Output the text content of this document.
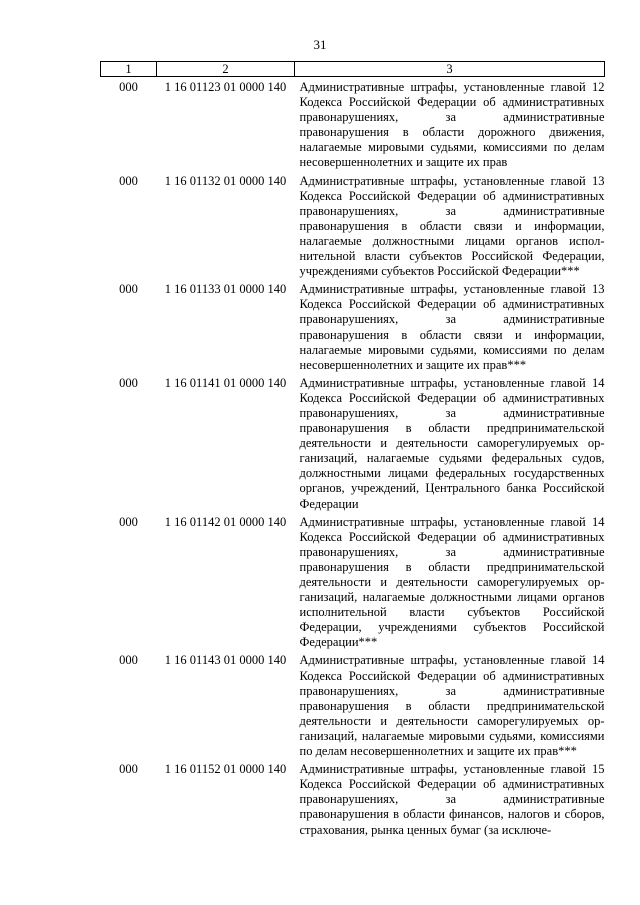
31
1	2	3
000	1 16 01123 01 0000 140	Административные штрафы, установленные главой 12 Кодекса Российской Федерации об административных правонарушениях, за административные правонарушения в области дорожного движения, налагаемые мировыми судьями, комиссиями по делам несовершеннолетних и защите их прав
000	1 16 01132 01 0000 140	Административные штрафы, установленные главой 13 Кодекса Российской Федерации об административных правонарушениях, за административные правонарушения в области связи и информации, налагаемые должностными лицами органов исполнительной власти субъектов Российской Федерации, учреждениями субъектов Российской Федерации***
000	1 16 01133 01 0000 140	Административные штрафы, установленные главой 13 Кодекса Российской Федерации об административных правонарушениях, за административные правонарушения в области связи и информации, налагаемые мировыми судьями, комиссиями по делам несовершеннолетних и защите их прав***
000	1 16 01141 01 0000 140	Административные штрафы, установленные главой 14 Кодекса Российской Федерации об административных правонарушениях, за административные правонарушения в области предпринимательской деятельности и деятельности саморегулируемых организаций, налагаемые судьями федеральных судов, должностными лицами федеральных государственных органов, учреждений, Центрального банка Российской Федерации
000	1 16 01142 01 0000 140	Административные штрафы, установленные главой 14 Кодекса Российской Федерации об административных правонарушениях, за административные правонарушения в области предпринимательской деятельности и деятельности саморегулируемых организаций, налагаемые должностными лицами органов исполнительной власти субъектов Российской Федерации, учреждениями субъектов Российской Федерации***
000	1 16 01143 01 0000 140	Административные штрафы, установленные главой 14 Кодекса Российской Федерации об административных правонарушениях, за административные правонарушения в области предпринимательской деятельности и деятельности саморегулируемых организаций, налагаемые мировыми судьями, комиссиями по делам несовершеннолетних и защите их прав***
000	1 16 01152 01 0000 140	Административные штрафы, установленные главой 15 Кодекса Российской Федерации об административных правонарушениях, за административные правонарушения в области финансов, налогов и сборов, страхования, рынка ценных бумаг (за исключе-
